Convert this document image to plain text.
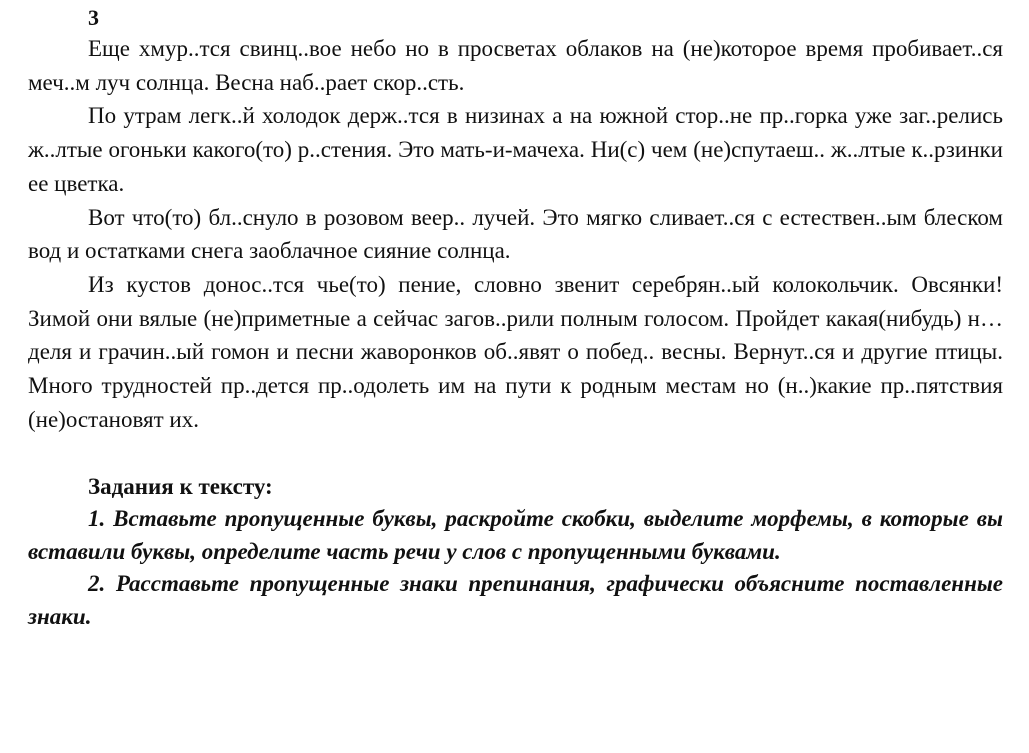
3

Еще хмур..тся свинц..вое небо но в просветах облаков на (не)которое время пробивает..ся меч..м луч солнца. Весна наб..рает скор..сть.

По утрам легк..й холодок держ..тся в низинах а на южной стор..не пр..горка уже заг..релись ж..лтые огоньки какого(то) р..стения. Это мать-и-мачеха. Ни(с) чем (не)спутаеш.. ж..лтые к..рзинки ее цветка.

Вот что(то) бл..снуло в розовом веер.. лучей. Это мягко сливает..ся с естествен..ым блеском вод и остатками снега заоблачное сияние солнца.

Из кустов донос..тся чье(то) пение, словно звенит серебрян..ый колокольчик. Овсянки! Зимой они вялые (не)приметные а сейчас загов..рили полным голосом. Пройдет какая(нибудь) н…деля и грачин..ый гомон и песни жаворонков об..явят о побед.. весны. Вернут..ся и другие птицы. Много трудностей пр..дется пр..одолеть им на пути к родным местам но (н..)какие пр..пятствия (не)остановят их.

Задания к тексту:

1. Вставьте пропущенные буквы, раскройте скобки, выделите морфемы, в которые вы вставили буквы, определите часть речи у слов с пропущенными буквами.

2. Расставьте пропущенные знаки препинания, графически объясните поставленные знаки.
